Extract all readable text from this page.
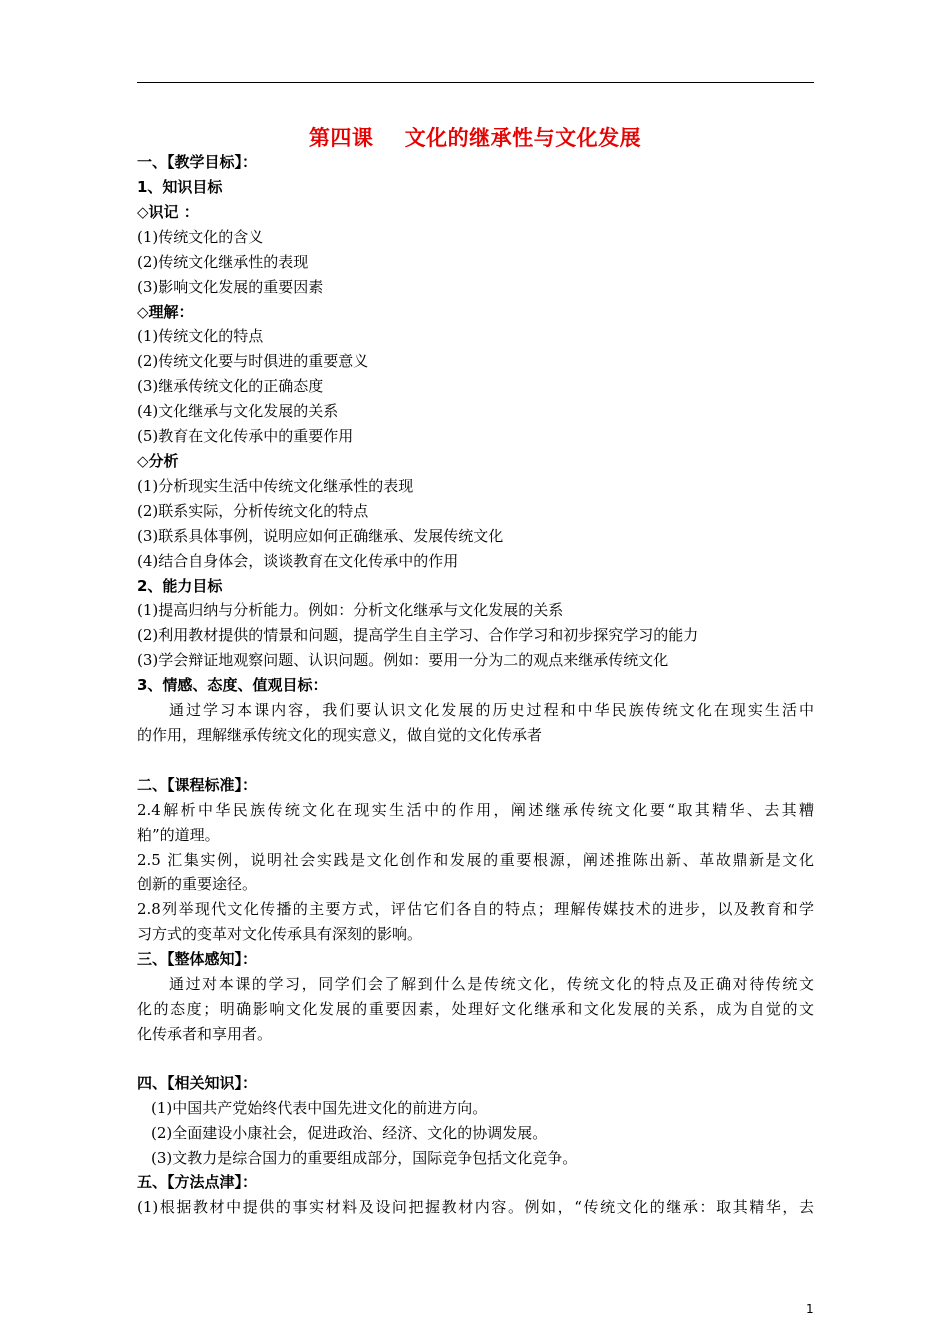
第四课    文化的继承性与文化发展
一、【教学目标】：
1、知识目标
◇识记 ：
(1)传统文化的含义
(2)传统文化继承性的表现
(3)影响文化发展的重要因素
◇理解：
(1)传统文化的特点
(2)传统文化要与时俱进的重要意义
(3)继承传统文化的正确态度
(4)文化继承与文化发展的关系
(5)教育在文化传承中的重要作用
◇分析
(1)分析现实生活中传统文化继承性的表现
(2)联系实际，分析传统文化的特点
(3)联系具体事例，说明应如何正确继承、发展传统文化
(4)结合自身体会，谈谈教育在文化传承中的作用
2、能力目标
(1)提高归纳与分析能力。例如：分析文化继承与文化发展的关系
(2)利用教材提供的情景和问题，提高学生自主学习、合作学习和初步探究学习的能力
(3)学会辩证地观察问题、认识问题。例如：要用一分为二的观点来继承传统文化
3、情感、态度、值观目标：
通过学习本课内容，我们要认识文化发展的历史过程和中华民族传统文化在现实生活中
的作用，理解继承传统文化的现实意义，做自觉的文化传承者
二、【课程标准】：
2.4解析中华民族传统文化在现实生活中的作用，阐述继承传统文化要“取其精华、去其糟
粕”的道理。
2.5 汇集实例，说明社会实践是文化创作和发展的重要根源，阐述推陈出新、革故鼎新是文化
创新的重要途径。
2.8列举现代文化传播的主要方式，评估它们各自的特点；理解传媒技术的进步，以及教育和学
习方式的变革对文化传承具有深刻的影响。
三、【整体感知】：
通过对本课的学习，同学们会了解到什么是传统文化，传统文化的特点及正确对待传统文
化的态度；明确影响文化发展的重要因素，处理好文化继承和文化发展的关系，成为自觉的文
化传承者和享用者。
四、【相关知识】：
(1)中国共产党始终代表中国先进文化的前进方向。
(2)全面建设小康社会，促进政治、经济、文化的协调发展。
(3)文教力是综合国力的重要组成部分，国际竞争包括文化竞争。
五、【方法点津】：
(1)根据教材中提供的事实材料及设问把握教材内容。例如，“传统文化的继承：取其精华，去
1
